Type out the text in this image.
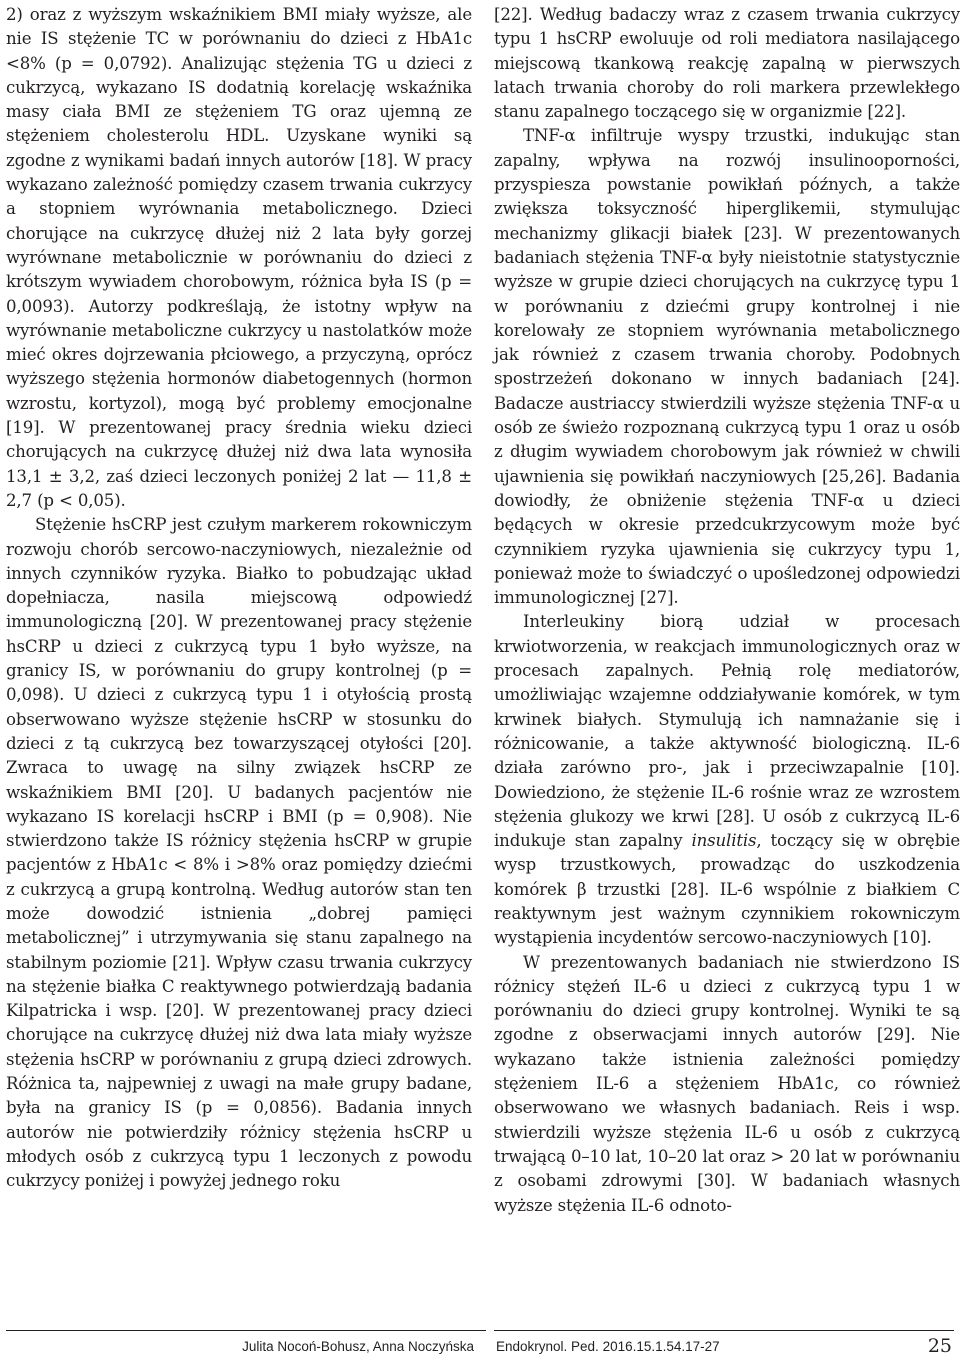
2) oraz z wyższym wskaźnikiem BMI miały wyższe, ale nie IS stężenie TC w porównaniu do dzieci z HbA1c <8% (p = 0,0792). Analizując stężenia TG u dzieci z cukrzycą, wykazano IS dodatnią korelację wskaźnika masy ciała BMI ze stężeniem TG oraz ujemną ze stężeniem cholesterolu HDL. Uzyskane wyniki są zgodne z wynikami badań innych autorów [18]. W pracy wykazano zależność pomiędzy czasem trwania cukrzycy a stopniem wyrównania metabolicznego. Dzieci chorujące na cukrzycę dłużej niż 2 lata były gorzej wyrównane metabolicznie w porównaniu do dzieci z krótszym wywiadem chorobowym, różnica była IS (p = 0,0093). Autorzy podkreślają, że istotny wpływ na wyrównanie metaboliczne cukrzycy u nastolatków może mieć okres dojrzewania płciowego, a przyczyną, oprócz wyższego stężenia hormonów diabetogennych (hormon wzrostu, kortyzol), mogą być problemy emocjonalne [19]. W prezentowanej pracy średnia wieku dzieci chorujących na cukrzycę dłużej niż dwa lata wynosiła 13,1 ± 3,2, zaś dzieci leczonych poniżej 2 lat — 11,8 ± 2,7 (p < 0,05).

Stężenie hsCRP jest czułym markerem rokowniczym rozwoju chorób sercowo-naczyniowych, niezależnie od innych czynników ryzyka. Białko to pobudzając układ dopełniacza, nasila miejscową odpowiedź immunologiczną [20]. W prezentowanej pracy stężenie hsCRP u dzieci z cukrzycą typu 1 było wyższe, na granicy IS, w porównaniu do grupy kontrolnej (p = 0,098). U dzieci z cukrzycą typu 1 i otyłością prostą obserwowano wyższe stężenie hsCRP w stosunku do dzieci z tą cukrzycą bez towarzyszącej otyłości [20]. Zwraca to uwagę na silny związek hsCRP ze wskaźnikiem BMI [20]. U badanych pacjentów nie wykazano IS korelacji hsCRP i BMI (p = 0,908). Nie stwierdzono także IS różnicy stężenia hsCRP w grupie pacjentów z HbA1c < 8% i >8% oraz pomiędzy dziećmi z cukrzycą a grupą kontrolną. Według autorów stan ten może dowodzić istnienia „dobrej pamięci metabolicznej” i utrzymywania się stanu zapalnego na stabilnym poziomie [21]. Wpływ czasu trwania cukrzycy na stężenie białka C reaktywnego potwierdzają badania Kilpatricka i wsp. [20]. W prezentowanej pracy dzieci chorujące na cukrzycę dłużej niż dwa lata miały wyższe stężenia hsCRP w porównaniu z grupą dzieci zdrowych. Różnica ta, najpewniej z uwagi na małe grupy badane, była na granicy IS (p = 0,0856). Badania innych autorów nie potwierdziły różnicy stężenia hsCRP u młodych osób z cukrzycą typu 1 leczonych z powodu cukrzycy poniżej i powyżej jednego roku

[22]. Według badaczy wraz z czasem trwania cukrzycy typu 1 hsCRP ewoluuje od roli mediatora nasilającego miejscową tkankową reakcję zapalną w pierwszych latach trwania choroby do roli markera przewlekłego stanu zapalnego toczącego się w organizmie [22].

TNF-α infiltruje wyspy trzustki, indukując stan zapalny, wpływa na rozwój insulinooporności, przyspiesza powstanie powikłań późnych, a także zwiększa toksyczność hiperglikemii, stymulując mechanizmy glikacji białek [23]. W prezentowanych badaniach stężenia TNF-α były nieistotnie statystycznie wyższe w grupie dzieci chorujących na cukrzycę typu 1 w porównaniu z dziećmi grupy kontrolnej i nie korelowały ze stopniem wyrównania metabolicznego jak również z czasem trwania choroby. Podobnych spostrzeżeń dokonano w innych badaniach [24]. Badacze austriaccy stwierdzili wyższe stężenia TNF-α u osób ze świeżo rozpoznaną cukrzycą typu 1 oraz u osób z długim wywiadem chorobowym jak również w chwili ujawnienia się powikłań naczyniowych [25,26]. Badania dowiodły, że obniżenie stężenia TNF-α u dzieci będących w okresie przedcukrzycowym może być czynnikiem ryzyka ujawnienia się cukrzycy typu 1, ponieważ może to świadczyć o upośledzonej odpowiedzi immunologicznej [27].

Interleukiny biorą udział w procesach krwiotworzenia, w reakcjach immunologicznych oraz w procesach zapalnych. Pełnią rolę mediatorów, umożliwiając wzajemne oddziaływanie komórek, w tym krwinek białych. Stymulują ich namnażanie się i różnicowanie, a także aktywność biologiczną. IL-6 działa zarówno pro-, jak i przeciwzapalnie [10]. Dowiedziono, że stężenie IL-6 rośnie wraz ze wzrostem stężenia glukozy we krwi [28]. U osób z cukrzycą IL-6 indukuje stan zapalny insulitis, toczący się w obrębie wysp trzustkowych, prowadząc do uszkodzenia komórek β trzustki [28]. IL-6 wspólnie z białkiem C reaktywnym jest ważnym czynnikiem rokowniczym wystąpienia incydentów sercowo-naczyniowych [10].

W prezentowanych badaniach nie stwierdzono IS różnicy stężeń IL-6 u dzieci z cukrzycą typu 1 w porównaniu do dzieci grupy kontrolnej. Wyniki te są zgodne z obserwacjami innych autorów [29]. Nie wykazano także istnienia zależności pomiędzy stężeniem IL-6 a stężeniem HbA1c, co również obserwowano we własnych badaniach. Reis i wsp. stwierdzili wyższe stężenia IL-6 u osób z cukrzycą trwającą 0–10 lat, 10–20 lat oraz > 20 lat w porównaniu z osobami zdrowymi [30]. W badaniach własnych wyższe stężenia IL-6 odnoto-

Julita Nocoń-Bohusz, Anna Noczyńska Endokrynol. Ped. 2016.15.1.54.17-27	25
